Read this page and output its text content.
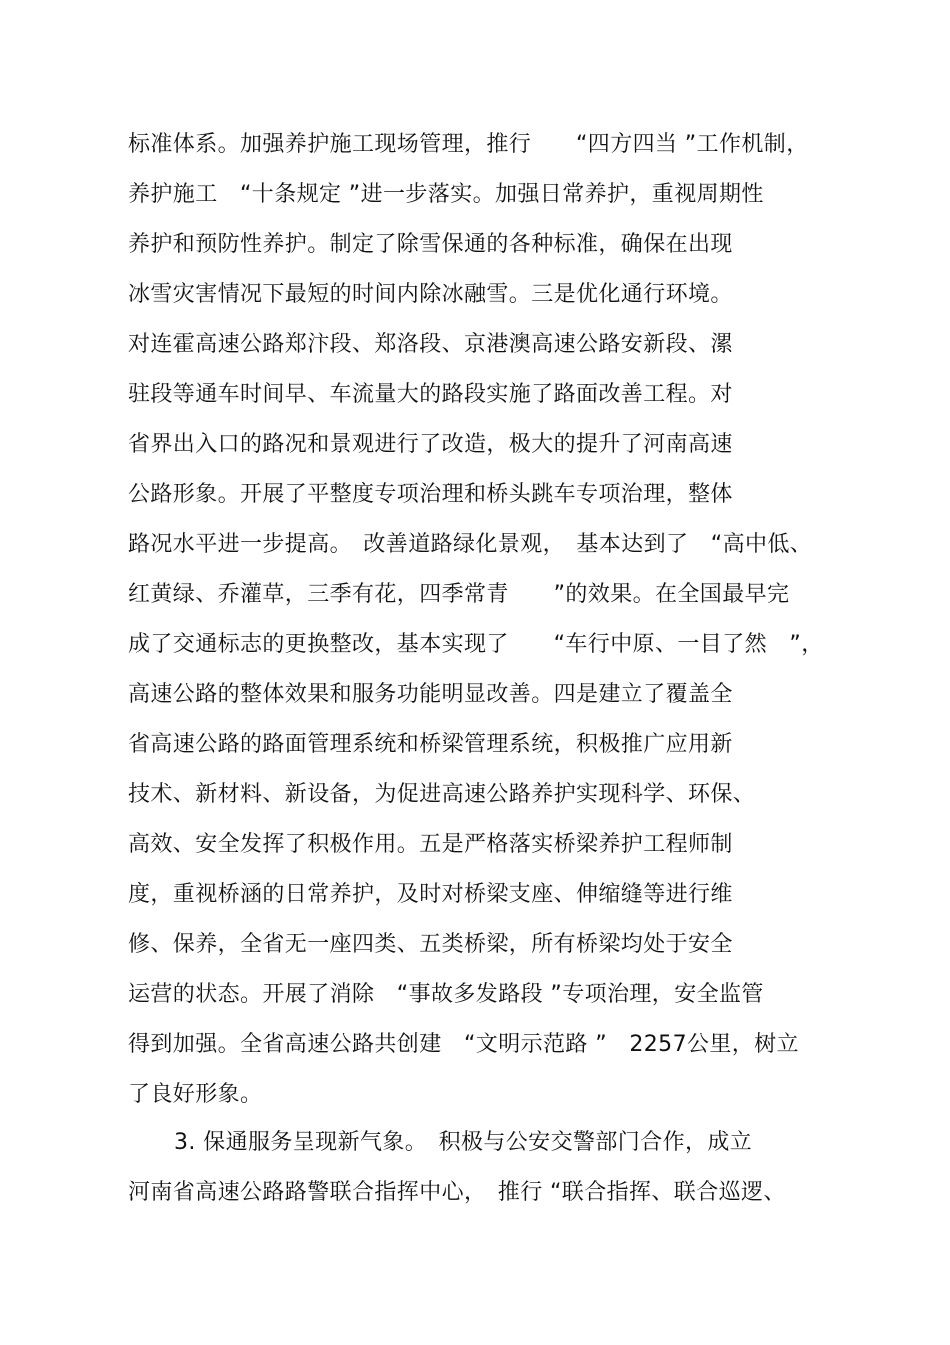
标准体系。加强养护施工现场管理，推行　　“四方四当 ”工作机制，

养护施工　“十条规定 ”进一步落实。加强日常养护，重视周期性

养护和预防性养护。制定了除雪保通的各种标准，确保在出现

冰雪灾害情况下最短的时间内除冰融雪。三是优化通行环境。

对连霍高速公路郑汴段、郑洛段、京港澳高速公路安新段、漯

驻段等通车时间早、车流量大的路段实施了路面改善工程。对

省界出入口的路况和景观进行了改造，极大的提升了河南高速

公路形象。开展了平整度专项治理和桥头跳车专项治理，整体

路况水平进一步提高。　改善道路绿化景观，　基本达到了　“高中低、

红黄绿、乔灌草，三季有花，四季常青　　”的效果。在全国最早完

成了交通标志的更换整改，基本实现了　　“车行中原、一目了然　”，

高速公路的整体效果和服务功能明显改善。四是建立了覆盖全

省高速公路的路面管理系统和桥梁管理系统，积极推广应用新

技术、新材料、新设备，为促进高速公路养护实现科学、环保、

高效、安全发挥了积极作用。五是严格落实桥梁养护工程师制

度，重视桥涵的日常养护，及时对桥梁支座、伸缩缝等进行维

修、保养，全省无一座四类、五类桥梁，所有桥梁均处于安全

运营的状态。开展了消除　“事故多发路段 ”专项治理，安全监管

得到加强。全省高速公路共创建　“文明示范路 ”　2257公里，树立

了良好形象。

3. 保通服务呈现新气象。　积极与公安交警部门合作，成立

河南省高速公路路警联合指挥中心，　推行 “联合指挥、联合巡逻、
